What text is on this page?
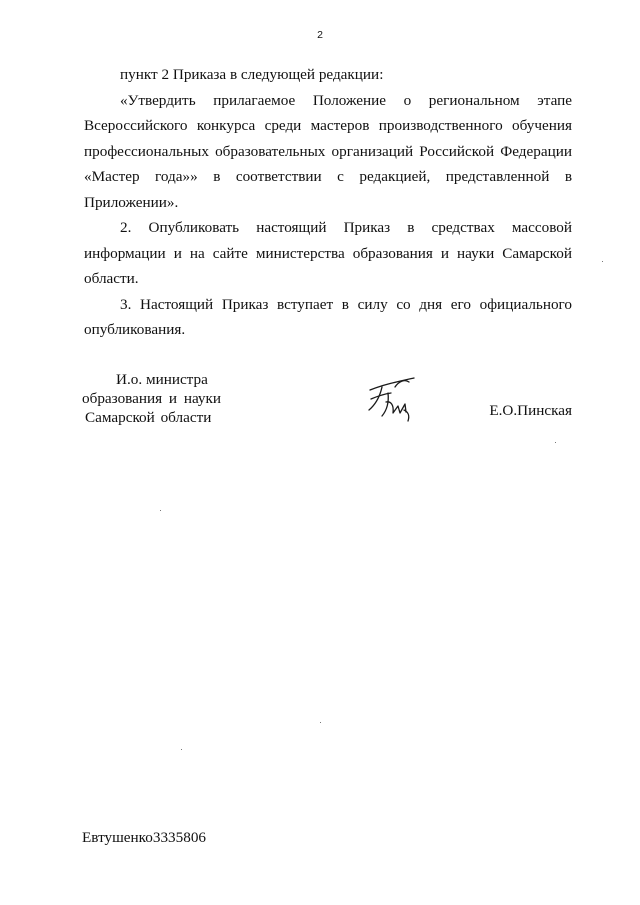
2

пункт 2 Приказа в следующей редакции:

«Утвердить прилагаемое Положение о региональном этапе Всероссийского конкурса среди мастеров производственного обучения профессиональных образовательных организаций Российской Федерации «Мастер года»» в соответствии с редакцией, представленной в Приложении».

2. Опубликовать настоящий Приказ в средствах массовой информации и на сайте министерства образования и науки Самарской области.

3. Настоящий Приказ вступает в силу со дня его официального опубликования.

И.о. министра
образования и науки
Самарской области	Е.О.Пинская
Евтушенко3335806
